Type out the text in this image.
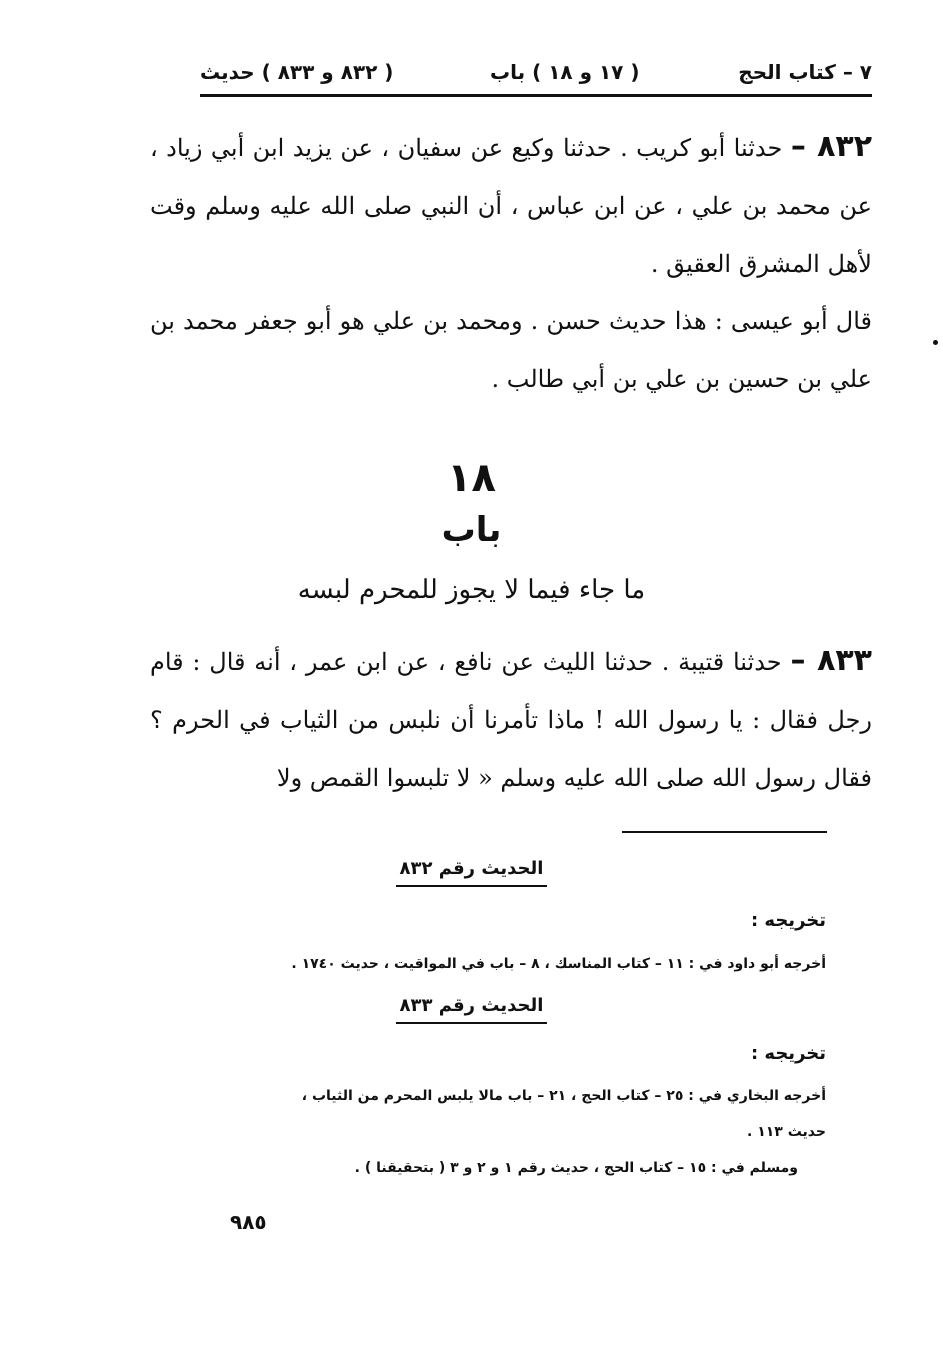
٧ – كتاب الحج
( ١٧ و ١٨ ) باب
( ٨٣٢ و ٨٣٣ ) حديث
٨٣٢ – حدثنا أبو كريب . حدثنا وكيع عن سفيان ، عن يزيد ابن أبي زياد ، عن محمد بن علي ، عن ابن عباس ، أن النبي صلى الله عليه وسلم وقت لأهل المشرق العقيق .
قال أبو عيسى : هذا حديث حسن . ومحمد بن علي هو أبو جعفر محمد بن علي بن حسين بن علي بن أبي طالب .
١٨
باب
ما جاء فيما لا يجوز للمحرم لبسه
٨٣٣ – حدثنا قتيبة . حدثنا الليث عن نافع ، عن ابن عمر ، أنه قال : قام رجل فقال : يا رسول الله ! ماذا تأمرنا أن نلبس من الثياب في الحرم ؟ فقال رسول الله صلى الله عليه وسلم « لا تلبسوا القمص ولا
الحديث رقم ٨٣٢
تخريجه :
أخرجه أبو داود في : ١١ – كتاب المناسك ، ٨ – باب في المواقيت ، حديث ١٧٤٠ .
الحديث رقم ٨٣٣
تخريجه :
أخرجه البخاري في : ٢٥ – كتاب الحج ، ٢١ – باب مالا يلبس المحرم من الثياب ،
حديث ١١٣ .
ومسلم في : ١٥ – كتاب الحج ، حديث رقم ١ و ٢ و ٣ ( بتحقيقنا ) .
٩٨٥
